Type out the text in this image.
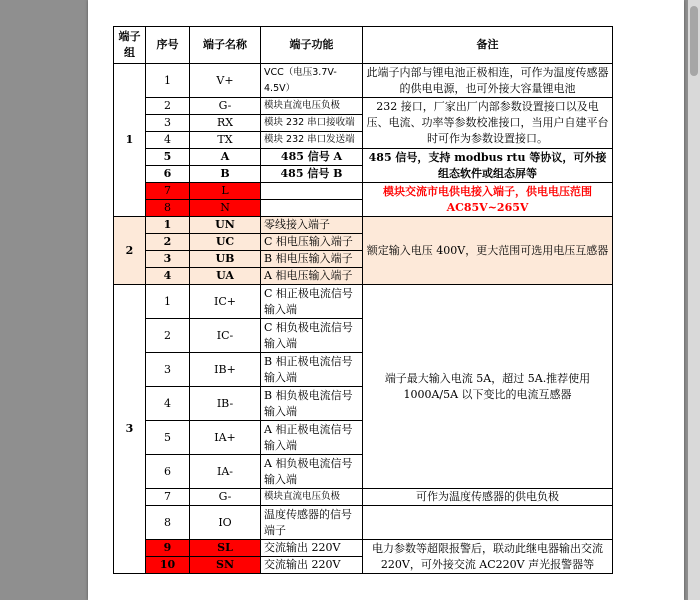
端子组	序号	端子名称	端子功能	备注
1	1	V+	VCC（电压3.7V-4.5V）	此端子内部与锂电池正极相连，可作为温度传感器的供电电源，也可外接大容量锂电池
	2	G-	模块直流电压负极	232 接口，厂家出厂内部参数设置接口以及电压、电流、功率等参数校准接口，当用户自建平台时可作为参数设置接口。
	3	RX	模块 232 串口接收端	
	4	TX	模块 232 串口发送端	
	5	A	485 信号 A	485 信号，支持 modbus rtu 等协议，可外接组态软件或组态屏等
	6	B	485 信号 B	
	7	L		模块交流市电供电接入端子，供电电压范围 AC85V~265V
	8	N		
2	1	UN	零线接入端子	额定输入电压 400V，更大范围可选用电压互感器
	2	UC	C 相电压输入端子	
	3	UB	B 相电压输入端子	
	4	UA	A 相电压输入端子	
3	1	IC+	C 相正极电流信号输入端	端子最大输入电流 5A，超过 5A.推荐使用1000A/5A 以下变比的电流互感器
	2	IC-	C 相负极电流信号输入端	
	3	IB+	B 相正极电流信号输入端	
	4	IB-	B 相负极电流信号输入端	
	5	IA+	A 相正极电流信号输入端	
	6	IA-	A 相负极电流信号输入端	
	7	G-	模块直流电压负极	可作为温度传感器的供电负极
	8	IO	温度传感器的信号端子	
	9	SL	交流输出 220V	电力参数等超限报警后，联动此继电器输出交流 220V，可外接交流 AC220V 声光报警器等
	10	SN	交流输出 220V	
